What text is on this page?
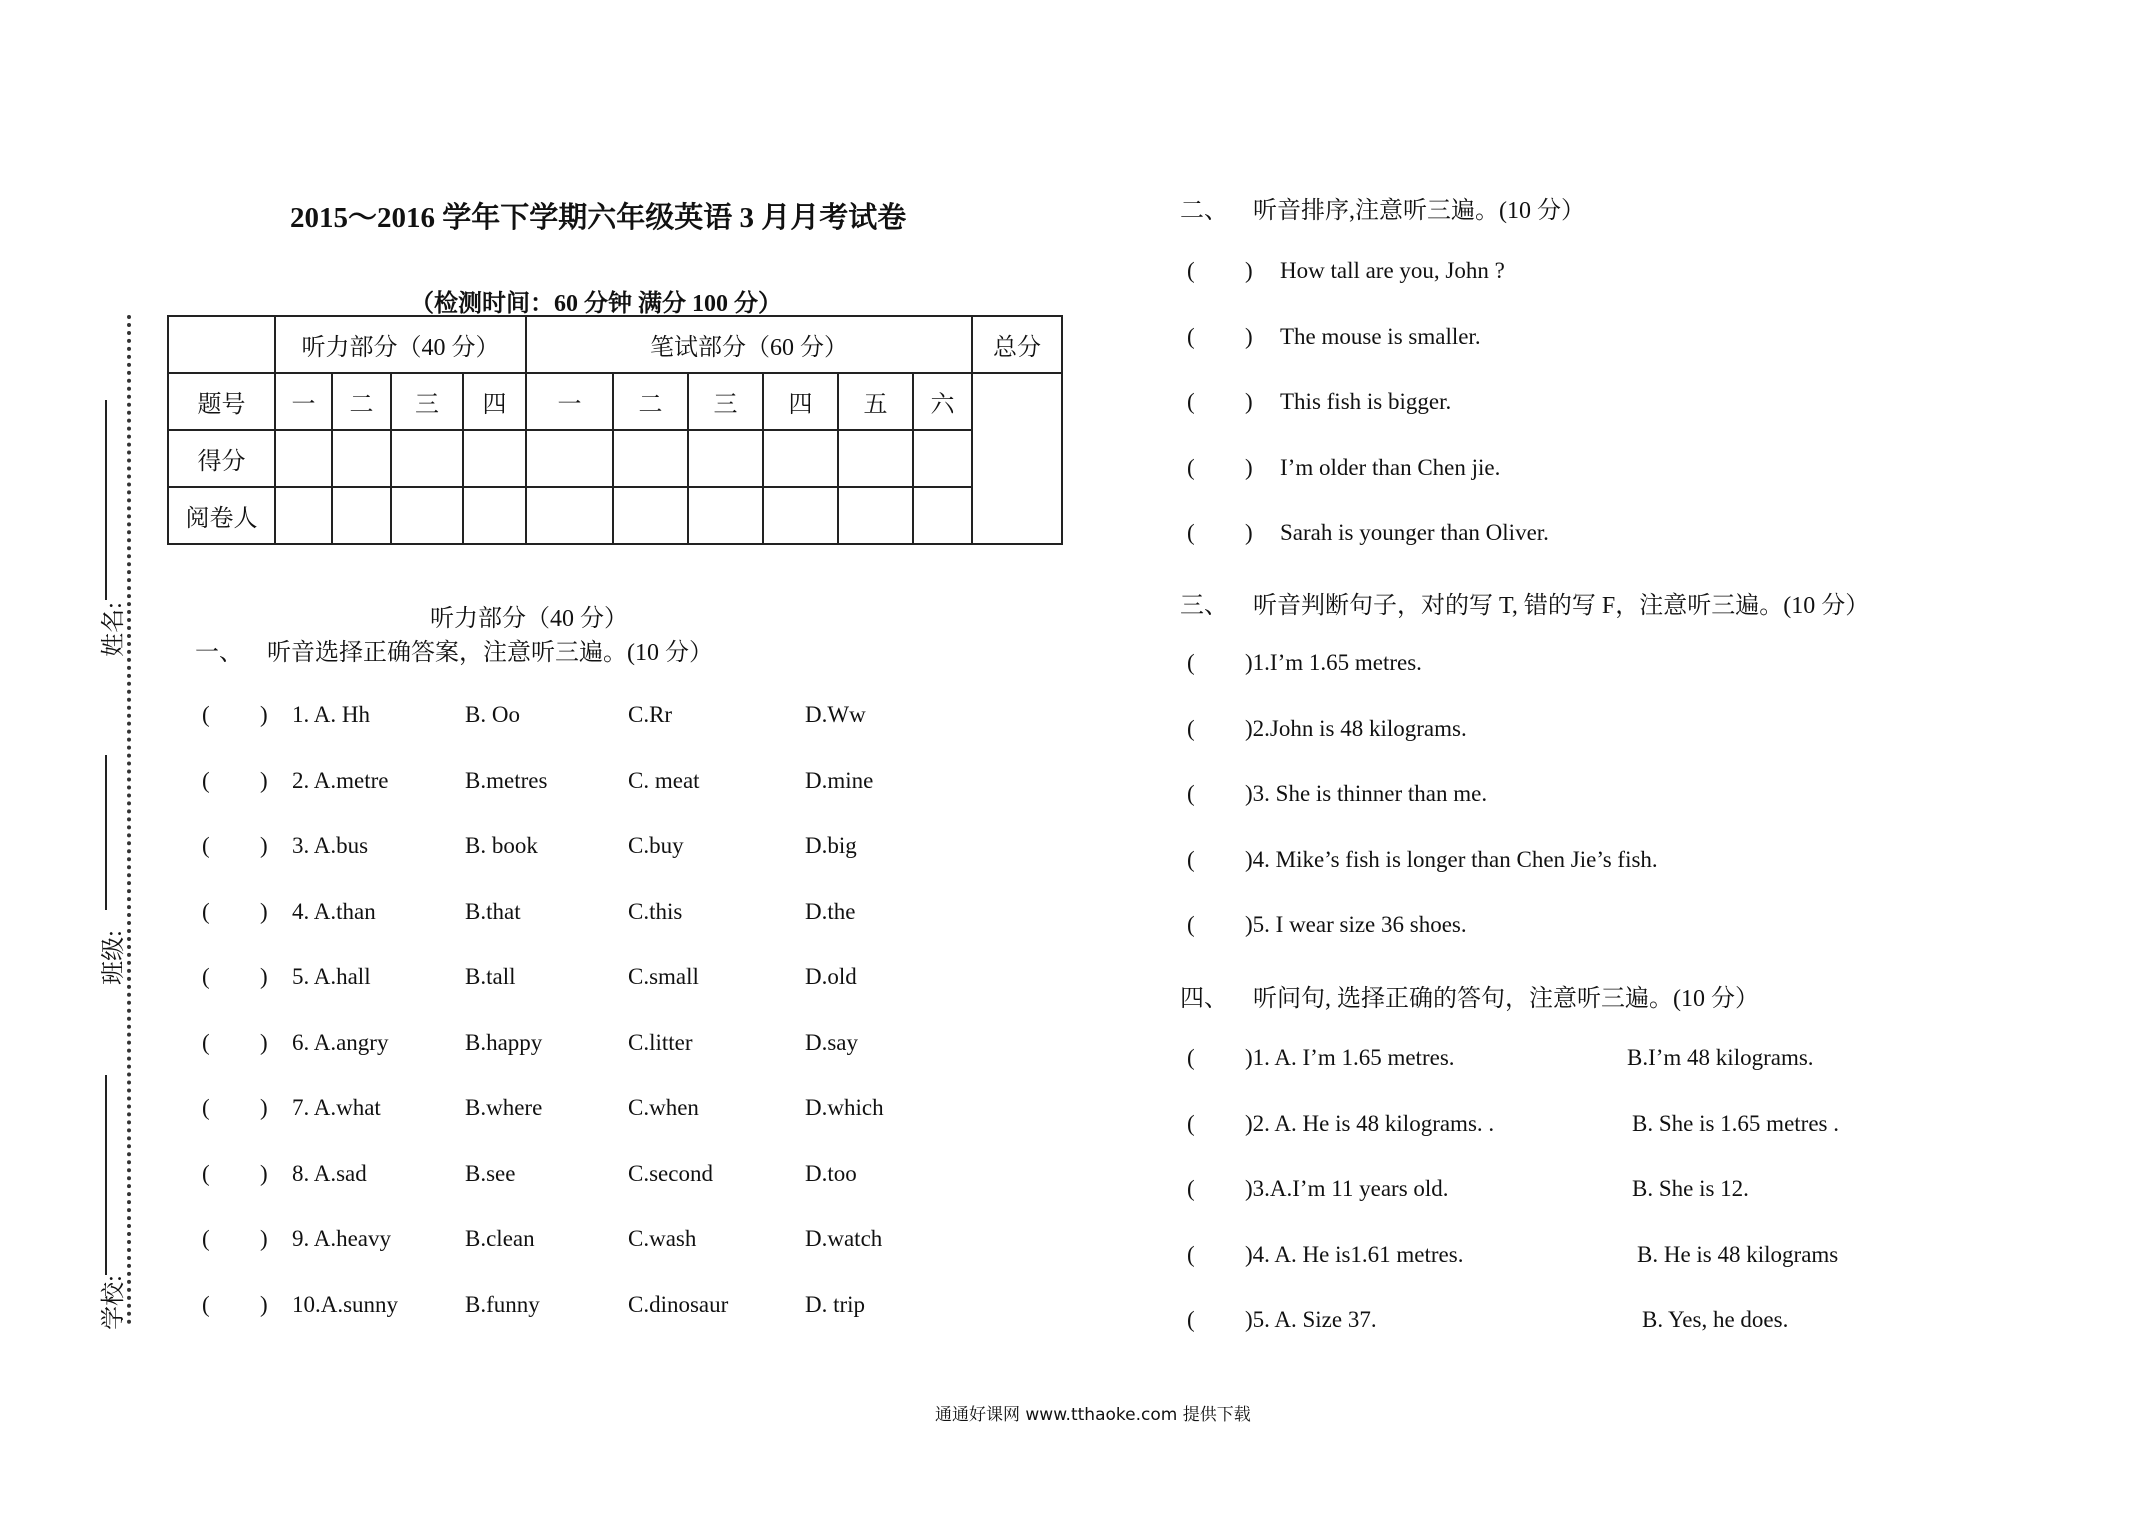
2015～2016 学年下学期六年级英语 3 月月考试卷
（检测时间：60 分钟 满分 100 分）
	听力部分（40 分）				笔试部分（60 分）						总分
题号	一	二	三	四	一	二	三	四	五	六	
得分											
阅卷人											
姓名:
班级:
学校:
听力部分（40 分）
一、 听音选择正确答案，注意听三遍。(10 分）
( ) 1. A. Hh	B. Oo	C.Rr	D.Ww
( ) 2. A.metre	B.metres	C. meat	D.mine
( ) 3. A.bus	B. book	C.buy	D.big
( ) 4. A.than	B.that	C.this	D.the
( ) 5. A.hall	B.tall	C.small	D.old
( ) 6. A.angry	B.happy	C.litter	D.say
( ) 7. A.what	B.where	C.when	D.which
( ) 8. A.sad	B.see	C.second	D.too
( ) 9. A.heavy	B.clean	C.wash	D.watch
( ) 10.A.sunny	B.funny	C.dinosaur	D. trip
二、 听音排序,注意听三遍。(10 分）
( ) How tall are you, John ?
( ) The mouse is smaller.
( ) This fish is bigger.
( ) I’m older than Chen jie.
( ) Sarah is younger than Oliver.
三、 听音判断句子，对的写 T, 错的写 F，注意听三遍。(10 分）
( )1.I’m 1.65 metres.
( )2.John is 48 kilograms.
( )3. She is thinner than me.
( )4. Mike’s fish is longer than Chen Jie’s fish.
( )5. I wear size 36 shoes.
四、 听问句, 选择正确的答句，注意听三遍。(10 分）
( )1. A. I’m 1.65 metres.	B.I’m 48 kilograms.
( )2. A. He is 48 kilograms. .	B. She is 1.65 metres .
( )3.A.I’m 11 years old.	B. She is 12.
( )4. A. He is1.61 metres.	B. He is 48 kilograms
( )5. A. Size 37.	B. Yes, he does.
通通好课网 www.tthaoke.com 提供下载
